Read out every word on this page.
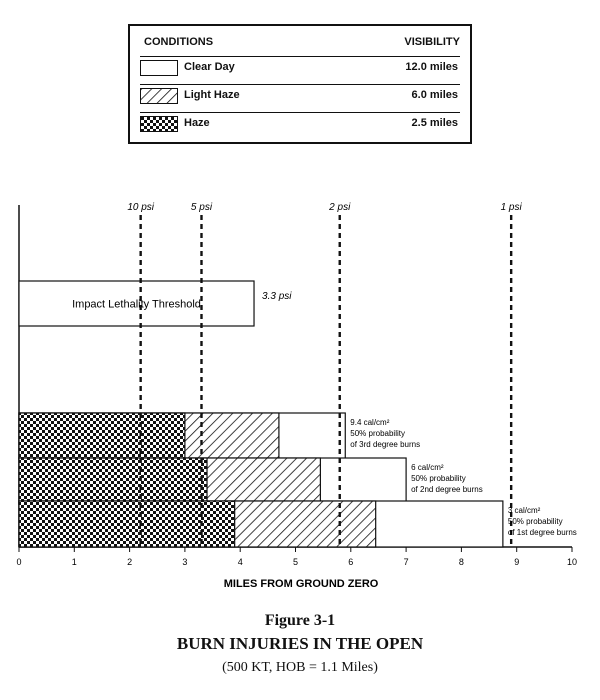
CONDITIONS	VISIBILITY
Clear Day	12.0 miles
Light Haze	6.0 miles
Haze	2.5 miles
0	1	2	3	4	5	6	7	8	9	10
MILES FROM GROUND ZERO
Impact Lethality Threshold
3.3 psi
9.4 cal/cm²
50% probability
of 3rd degree burns
6 cal/cm²
50% probability
of 2nd degree burns
3 cal/cm²
50% probability
of 1st degree burns
10 psi	5 psi	2 psi	1 psi
Figure 3-1
BURN INJURIES IN THE OPEN
(500 KT, HOB = 1.1 Miles)
